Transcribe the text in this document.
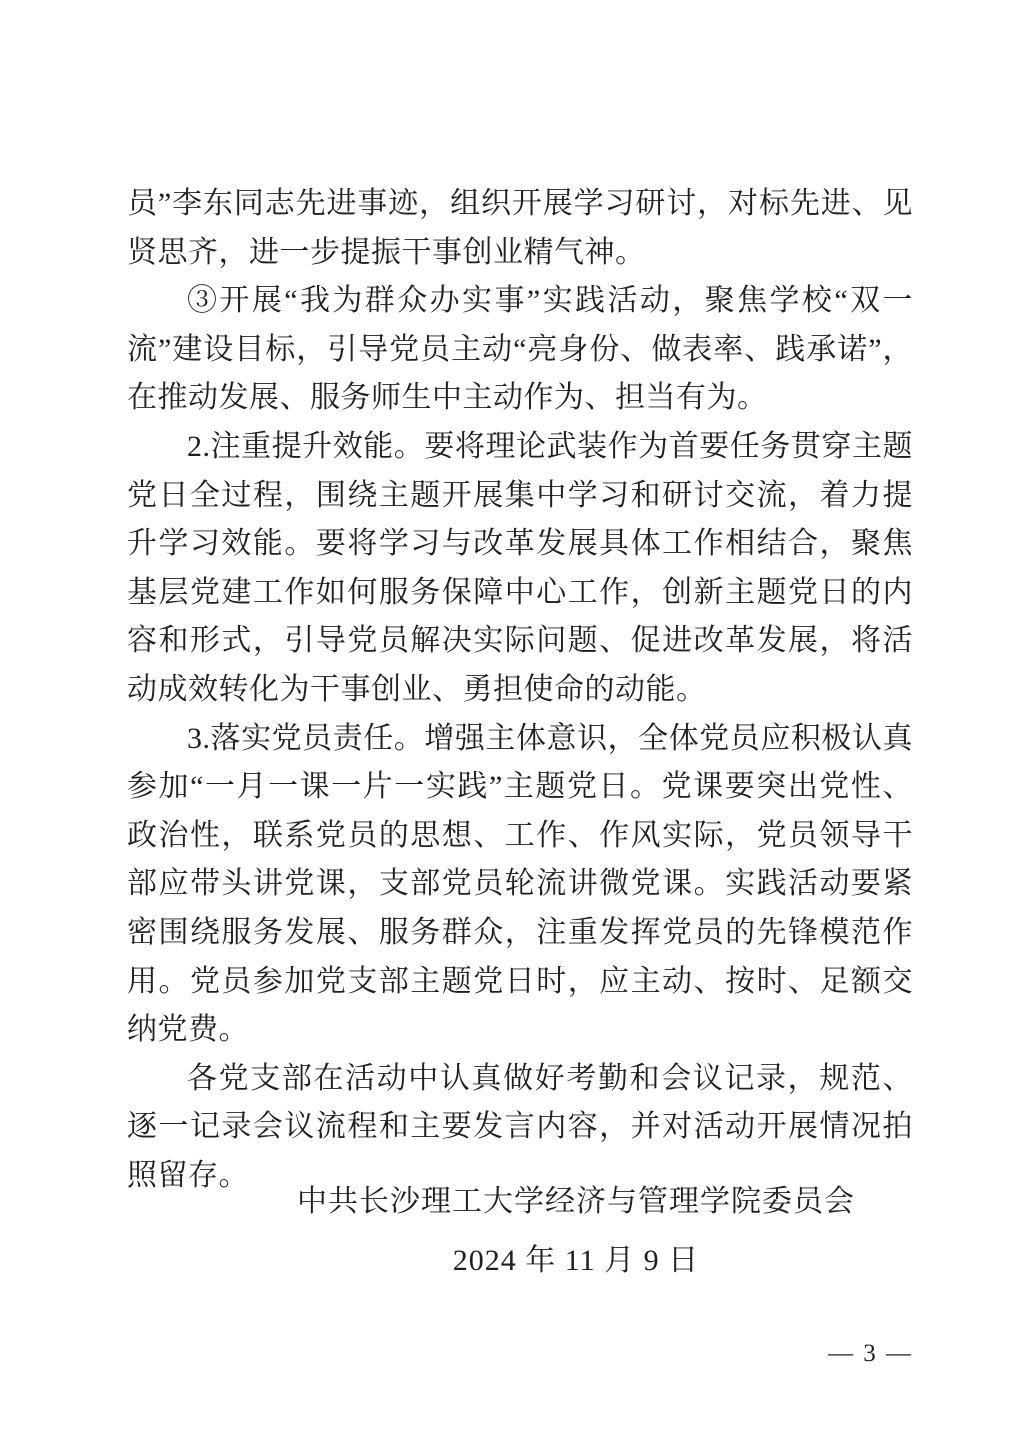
员”李东同志先进事迹，组织开展学习研讨，对标先进、见贤思齐，进一步提振干事创业精气神。

③开展“我为群众办实事”实践活动，聚焦学校“双一流”建设目标，引导党员主动“亮身份、做表率、践承诺”，在推动发展、服务师生中主动作为、担当有为。

2.注重提升效能。要将理论武装作为首要任务贯穿主题党日全过程，围绕主题开展集中学习和研讨交流，着力提升学习效能。要将学习与改革发展具体工作相结合，聚焦基层党建工作如何服务保障中心工作，创新主题党日的内容和形式，引导党员解决实际问题、促进改革发展，将活动成效转化为干事创业、勇担使命的动能。

3.落实党员责任。增强主体意识，全体党员应积极认真参加“一月一课一片一实践”主题党日。党课要突出党性、政治性，联系党员的思想、工作、作风实际，党员领导干部应带头讲党课，支部党员轮流讲微党课。实践活动要紧密围绕服务发展、服务群众，注重发挥党员的先锋模范作用。党员参加党支部主题党日时，应主动、按时、足额交纳党费。

各党支部在活动中认真做好考勤和会议记录，规范、逐一记录会议流程和主要发言内容，并对活动开展情况拍照留存。

中共长沙理工大学经济与管理学院委员会
2024 年 11 月 9 日
— 3 —
